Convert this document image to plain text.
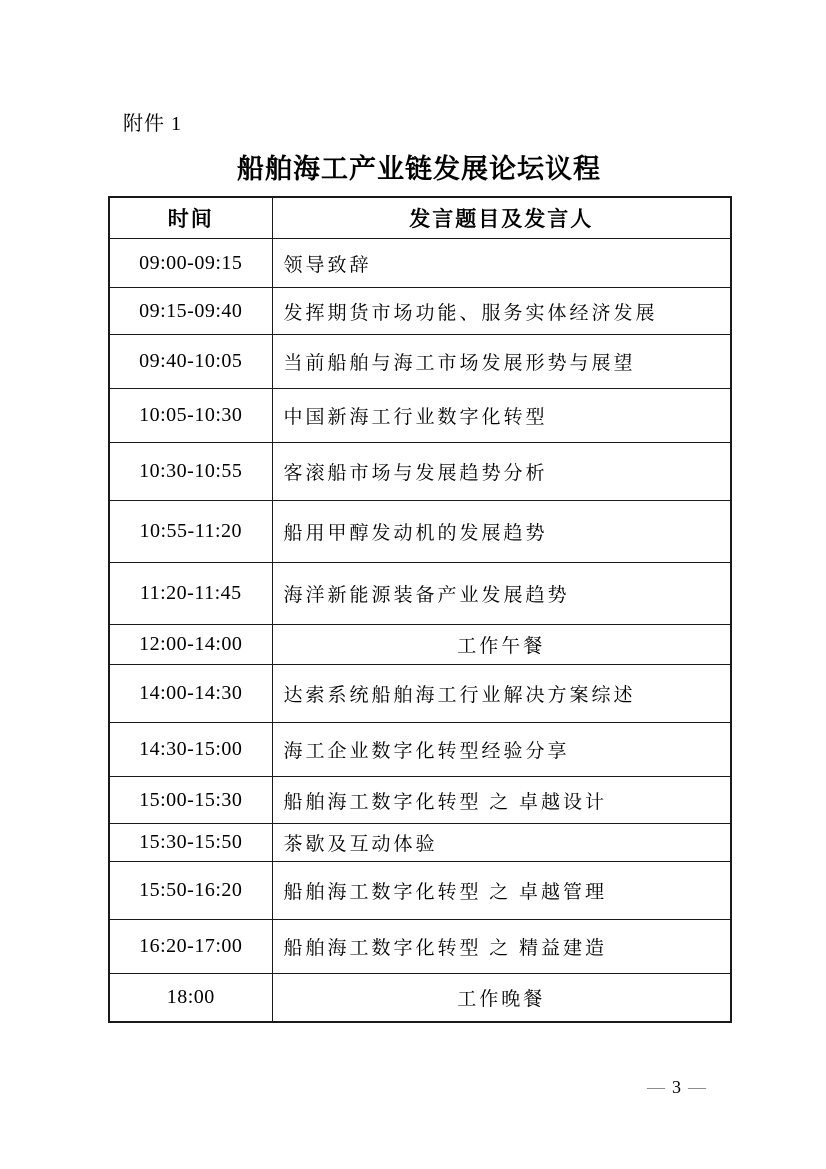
附件 1
船舶海工产业链发展论坛议程
时间	发言题目及发言人
09:00-09:15	领导致辞
09:15-09:40	发挥期货市场功能、服务实体经济发展
09:40-10:05	当前船舶与海工市场发展形势与展望
10:05-10:30	中国新海工行业数字化转型
10:30-10:55	客滚船市场与发展趋势分析
10:55-11:20	船用甲醇发动机的发展趋势
11:20-11:45	海洋新能源装备产业发展趋势
12:00-14:00	工作午餐
14:00-14:30	达索系统船舶海工行业解决方案综述
14:30-15:00	海工企业数字化转型经验分享
15:00-15:30	船舶海工数字化转型 之 卓越设计
15:30-15:50	茶歇及互动体验
15:50-16:20	船舶海工数字化转型 之 卓越管理
16:20-17:00	船舶海工数字化转型 之 精益建造
18:00	工作晚餐
— 3 —
